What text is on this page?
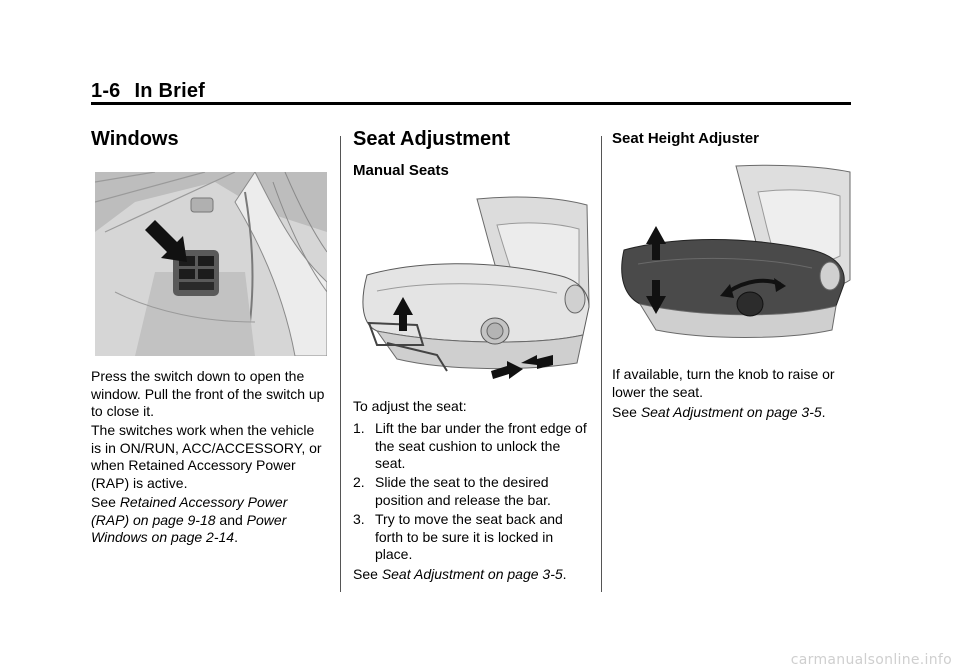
1-6 In Brief
Windows
Press the switch down to open the window. Pull the front of the switch up to close it.
The switches work when the vehicle is in ON/RUN, ACC/ACCESSORY, or when Retained Accessory Power (RAP) is active.
See Retained Accessory Power (RAP) on page 9-18 and Power Windows on page 2-14.
Seat Adjustment
Manual Seats
To adjust the seat:
1. Lift the bar under the front edge of the seat cushion to unlock the seat.
2. Slide the seat to the desired position and release the bar.
3. Try to move the seat back and forth to be sure it is locked in place.
See Seat Adjustment on page 3-5.
Seat Height Adjuster
If available, turn the knob to raise or lower the seat.
See Seat Adjustment on page 3-5.
carmanualsonline.info
